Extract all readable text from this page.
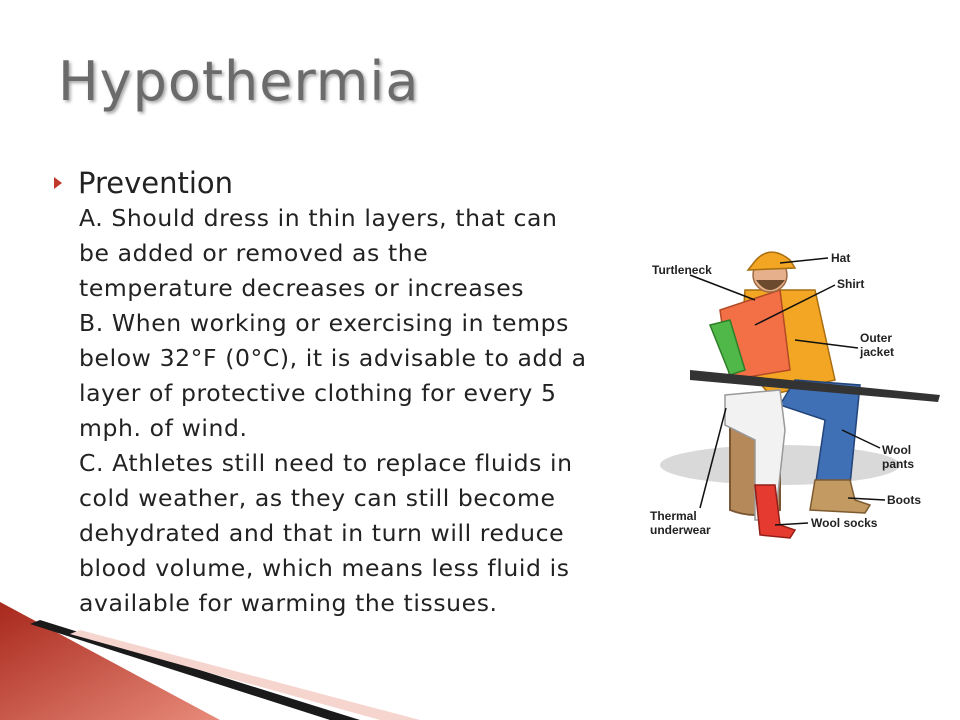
Hypothermia
Prevention
A. Should dress in thin layers, that can
be added or removed as the
temperature decreases or increases
B. When working or exercising in temps
below 32°F (0°C), it is advisable to add a
layer of protective clothing for every 5
mph. of wind.
C. Athletes still need to replace fluids in
cold weather, as they can still become
dehydrated and that in turn will reduce
blood volume, which means less fluid is
available for warming the tissues.
Hat
Turtleneck
Shirt
Outer
jacket
Wool
pants
Boots
Wool socks
Thermal
underwear
